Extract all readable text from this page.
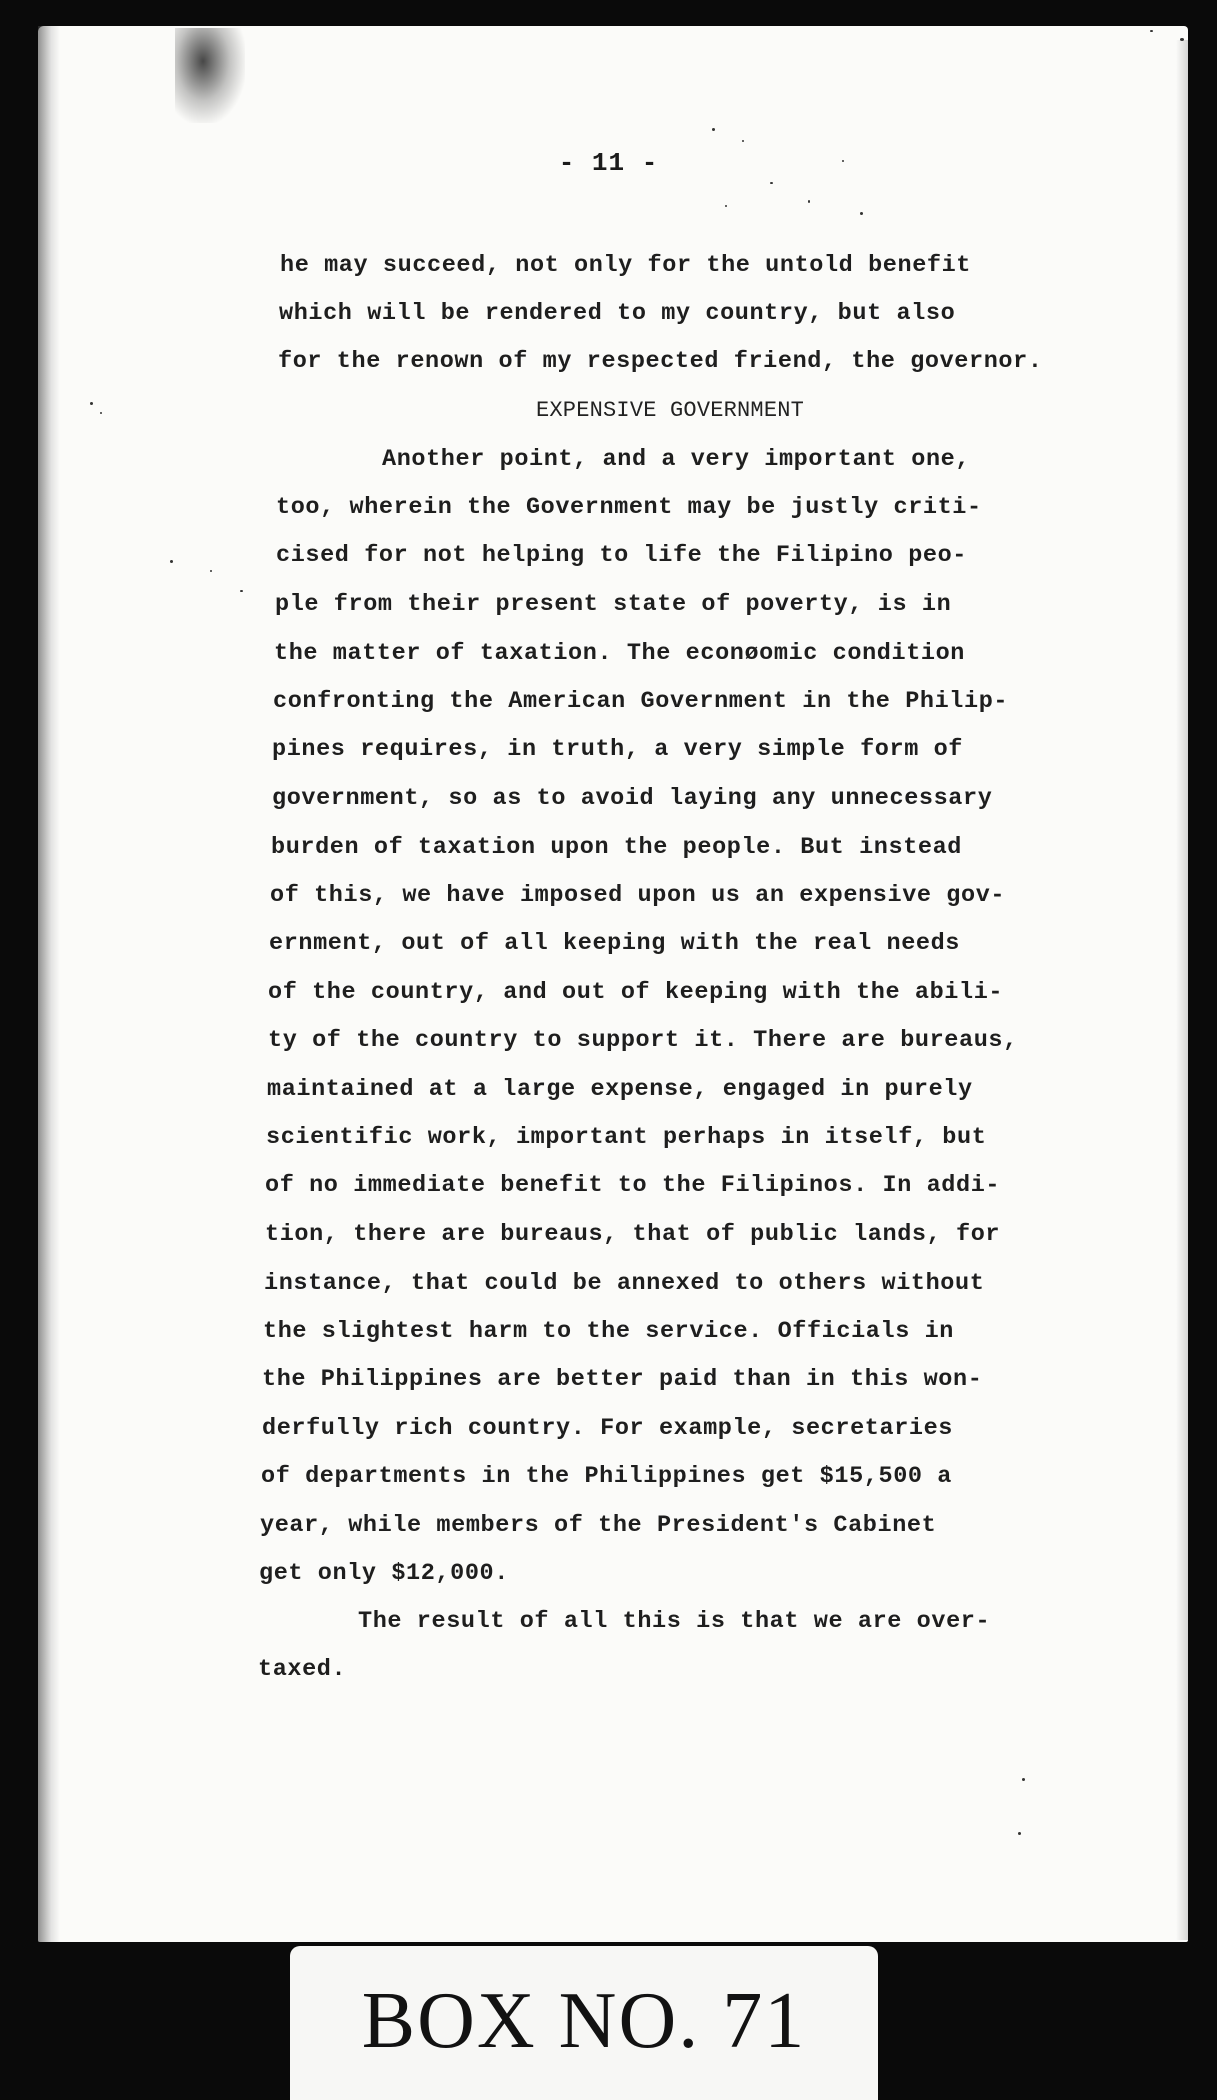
- 11 -
he may succeed, not only for the untold benefit
which will be rendered to my country, but also
for the renown of my respected friend, the governor.
EXPENSIVE GOVERNMENT
Another point, and a very important one,
too, wherein the Government may be justly criti-
cised for not helping to life the Filipino peo-
ple from their present state of poverty, is in
the matter of taxation. The econøomic condition
confronting the American Government in the Philip-
pines requires, in truth, a very simple form of
government, so as to avoid laying any unnecessary
burden of taxation upon the people. But instead
of this, we have imposed upon us an expensive gov-
ernment, out of all keeping with the real needs
of the country, and out of keeping with the abili-
ty of the country to support it. There are bureaus,
maintained at a large expense, engaged in purely
scientific work, important perhaps in itself, but
of no immediate benefit to the Filipinos. In addi-
tion, there are bureaus, that of public lands, for
instance, that could be annexed to others without
the slightest harm to the service. Officials in
the Philippines are better paid than in this won-
derfully rich country. For example, secretaries
of departments in the Philippines get $15,500 a
year, while members of the President's Cabinet
get only $12,000.
The result of all this is that we are over-
taxed.
BOX NO. 71
